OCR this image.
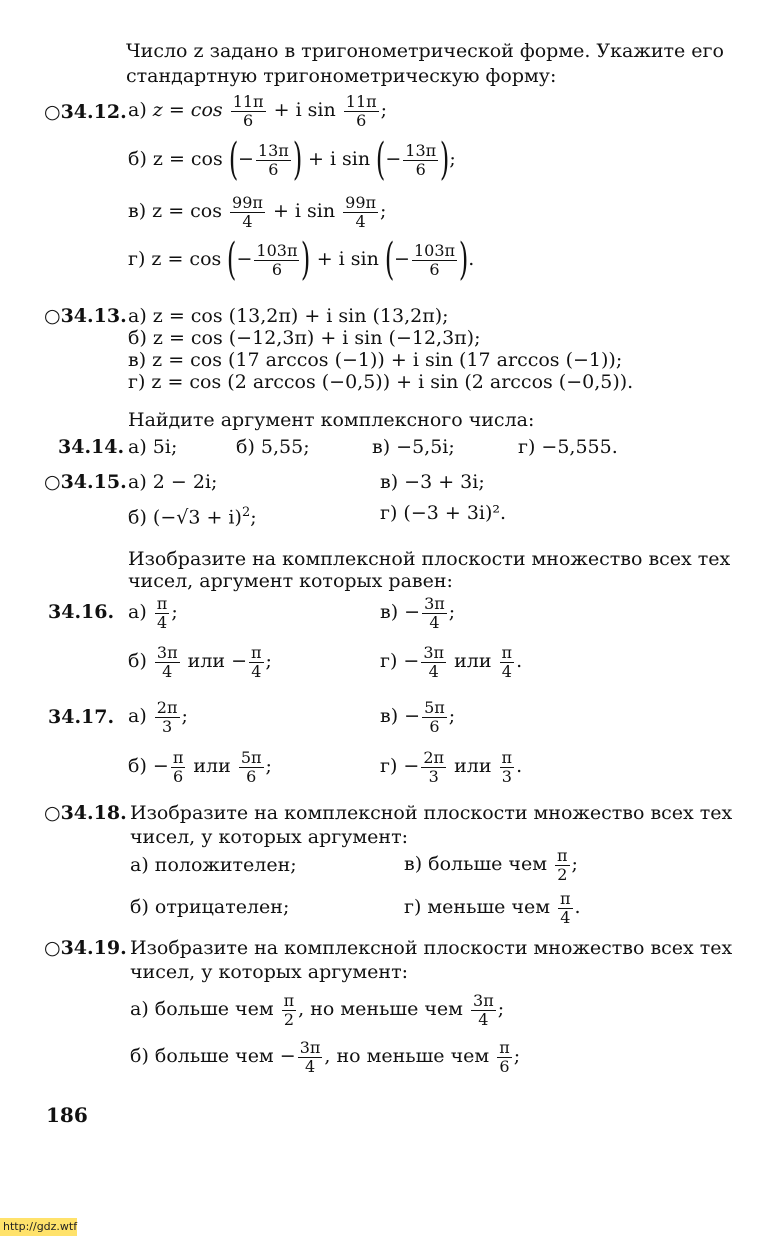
Число z задано в тригонометрической форме. Укажите его
стандартную тригонометрическую форму:
○34.12. а) $z = \cos \frac{11\pi}{6} + i$ $\sin \frac{11\pi}{6}$ ;
б) z = cos (− $\frac{13\pi}{6}$ ) + i sin (− $\frac{13\pi}{6}$ );
в) $z = \cos \frac{99\pi}{4} + i$ $\sin \frac{99\pi}{4}$ ;
г) z = cos (− $\frac{103\pi}{6}$ ) + i sin (− $\frac{103\pi}{6}$ ).
○34.13. а) z = cos (13,2π) + i sin (13,2π);
б) z = cos (−12,3π) + i sin (−12,3π);
в) z = cos (17 arccos (−1)) + i sin (17 arccos (−1));
г) z = cos (2 arccos (−0,5)) + i sin (2 arccos (−0,5)).
Найдите аргумент комплексного числа:
34.14. а) 5i;	б) 5,55;	в) −5,5i;	г) −5,555.
○34.15. а) 2 − 2i;	в) −3 + 3i;
б) $(-√3 + i)^2$;	г) (−3 + 3i)².
Изобразите на комплексной плоскости множество всех тех
чисел, аргумент которых равен:
34.16. $а) \frac{\pi}{4}$ ;	$в) - \frac{3\pi}{4}$ ;
$б) \frac{3\pi}{4}$ или − $\frac{\pi}{4}$ ;	$г) - \frac{3\pi}{4}$ или $\frac{\pi}{4}$ .
34.17. $а) \frac{2\pi}{3}$ ;	$в) - \frac{5\pi}{6}$ ;
$б) - \frac{\pi}{6}$ или $\frac{5\pi}{6}$ ;	$г) - \frac{2\pi}{3}$ или $\frac{\pi}{3}$ .
○34.18. Изобразите на комплексной плоскости множество всех тех
чисел, у которых аргумент:
а) положителен;	в) больше чем $\frac{\pi}{2}$ ;
б) отрицателен;	г) меньше чем $\frac{\pi}{4}$ .
○34.19. Изобразите на комплексной плоскости множество всех тех
чисел, у которых аргумент:
а) больше чем $\frac{\pi}{2}$ , но меньше чем $\frac{3\pi}{4}$ ;
б) больше чем − $\frac{3\pi}{4}$ , но меньше чем $\frac{\pi}{6}$ ;
186
http://gdz.wtf
